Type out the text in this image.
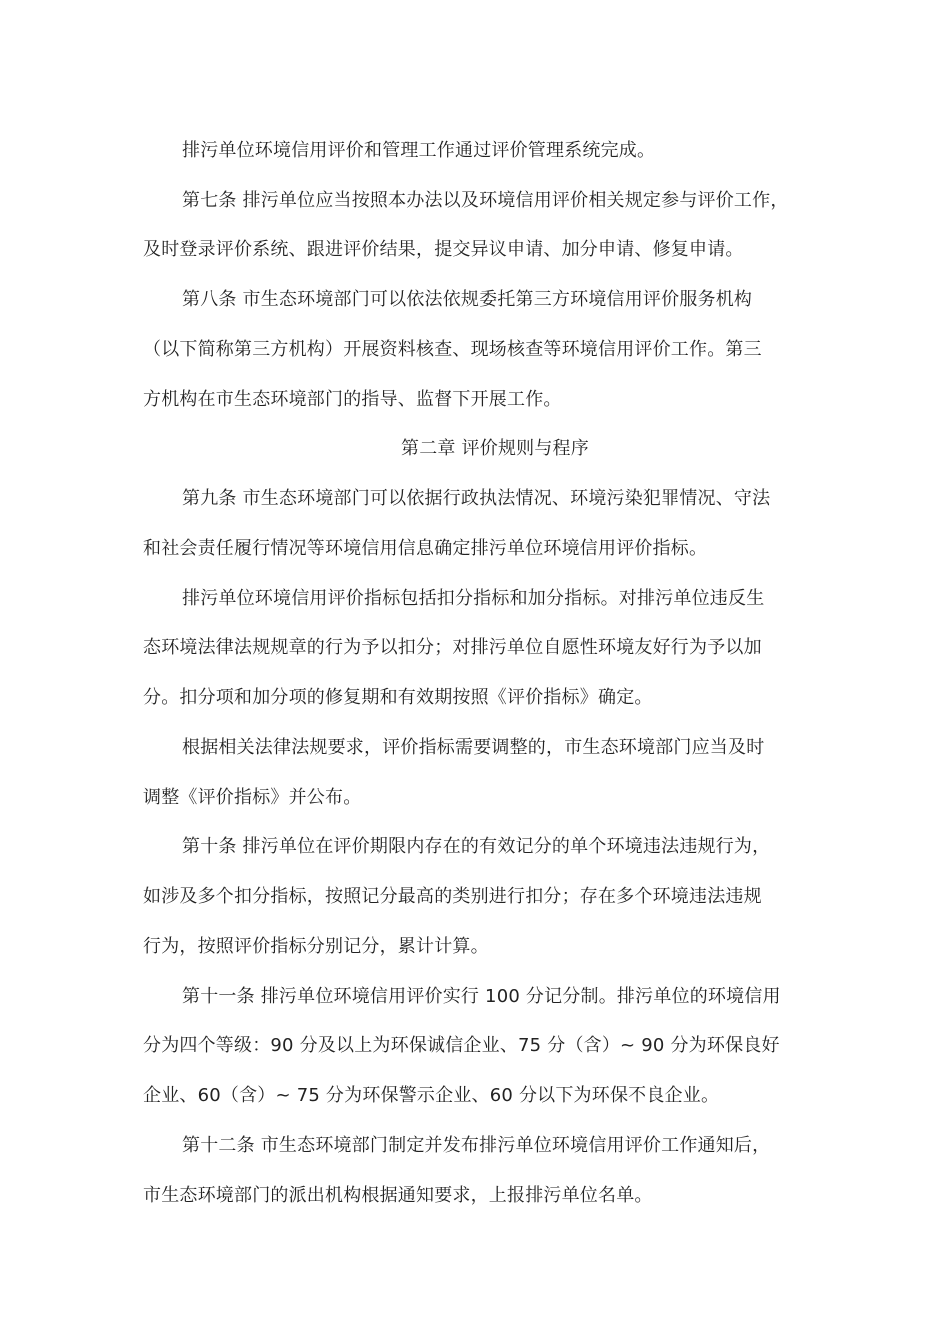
排污单位环境信用评价和管理工作通过评价管理系统完成。
第七条 排污单位应当按照本办法以及环境信用评价相关规定参与评价工作，
及时登录评价系统、跟进评价结果，提交异议申请、加分申请、修复申请。
第八条 市生态环境部门可以依法依规委托第三方环境信用评价服务机构
（以下简称第三方机构）开展资料核查、现场核查等环境信用评价工作。第三
方机构在市生态环境部门的指导、监督下开展工作。
第二章 评价规则与程序
第九条 市生态环境部门可以依据行政执法情况、环境污染犯罪情况、守法
和社会责任履行情况等环境信用信息确定排污单位环境信用评价指标。
排污单位环境信用评价指标包括扣分指标和加分指标。对排污单位违反生
态环境法律法规规章的行为予以扣分；对排污单位自愿性环境友好行为予以加
分。扣分项和加分项的修复期和有效期按照《评价指标》确定。
根据相关法律法规要求，评价指标需要调整的，市生态环境部门应当及时
调整《评价指标》并公布。
第十条 排污单位在评价期限内存在的有效记分的单个环境违法违规行为，
如涉及多个扣分指标，按照记分最高的类别进行扣分；存在多个环境违法违规
行为，按照评价指标分别记分，累计计算。
第十一条 排污单位环境信用评价实行 100 分记分制。排污单位的环境信用
分为四个等级：90 分及以上为环保诚信企业、75 分（含）~ 90 分为环保良好
企业、60（含）~ 75 分为环保警示企业、60 分以下为环保不良企业。
第十二条 市生态环境部门制定并发布排污单位环境信用评价工作通知后，
市生态环境部门的派出机构根据通知要求，上报排污单位名单。
